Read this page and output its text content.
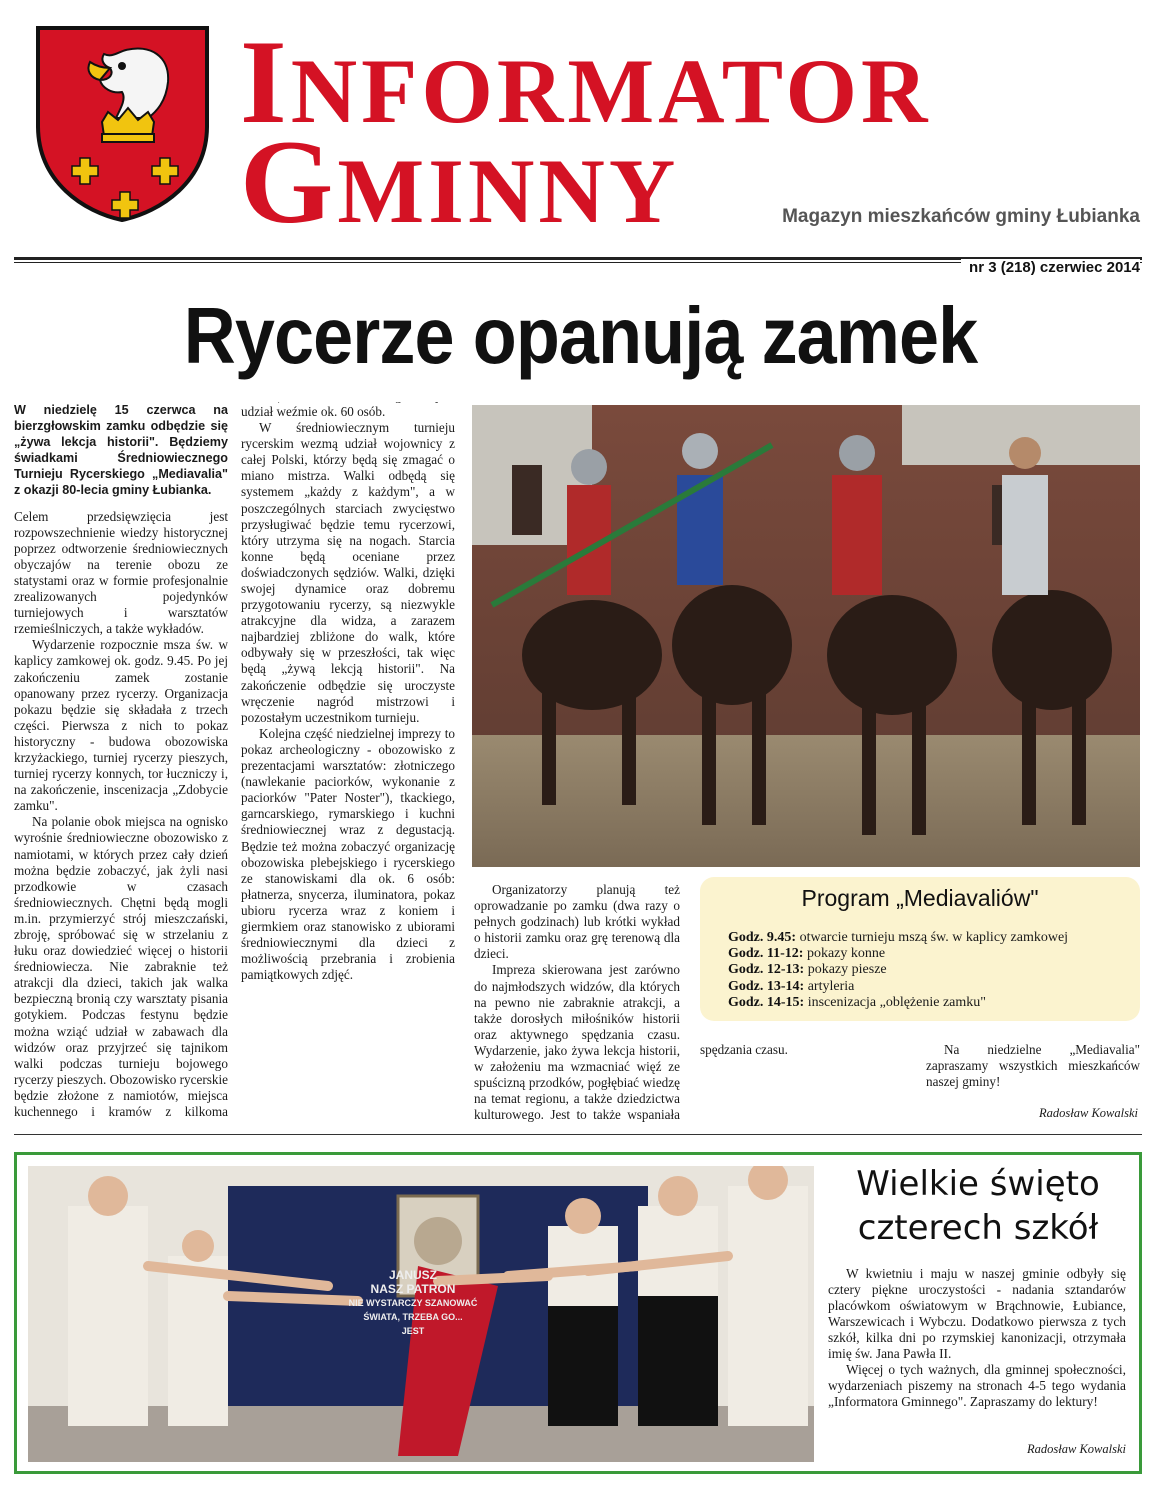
INFORMATOR
GMINNY	Magazyn mieszkańców gminy Łubianka
nr 3 (218) czerwiec 2014
Rycerze opanują zamek
W niedzielę 15 czerwca na bierzgłowskim zamku odbędzie się „żywa lekcja historii". Będziemy świadkami Średniowiecznego Turnieju Rycerskiego „Mediavalia" z okazji 80-lecia gminy Łubianka.

Celem przedsięwzięcia jest rozpowszechnienie wiedzy historycznej poprzez odtworzenie średniowiecznych obyczajów na terenie obozu ze statystami oraz w formie profesjonalnie zrealizowanych pojedynków turniejowych i warsztatów rzemieślniczych, a także wykładów.

Wydarzenie rozpocznie msza św. w kaplicy zamkowej ok. godz. 9.45. Po jej zakończeniu zamek zostanie opanowany przez rycerzy. Organizacja pokazu będzie się składała z trzech części. Pierwsza z nich to pokaz historyczny - budowa obozowiska krzyżackiego, turniej rycerzy pieszych, turniej rycerzy konnych, tor łuczniczy i, na zakończenie, inscenizacja „Zdobycie zamku".

Na polanie obok miejsca na ognisko wyrośnie średniowieczne obozowisko z namiotami, w których przez cały dzień można będzie zobaczyć, jak żyli nasi przodkowie w czasach średniowiecznych. Chętni będą mogli m.in. przymierzyć strój mieszczański, zbroję, spróbować się w strzelaniu z łuku oraz dowiedzieć więcej o historii średniowiecza. Nie zabraknie też atrakcji dla dzieci, takich jak walka bezpieczną bronią czy warsztaty pisania gotykiem. Podczas festynu będzie można wziąć udział w zabawach dla widzów oraz przyjrzeć się tajnikom walki podczas turnieju bojowego rycerzy pieszych. Obozowisko rycerskie będzie złożone z namiotów, miejsca kuchennego i kramów z kilkoma

udział weźmie ok. 60 osób.

W średniowiecznym turnieju rycerskim wezmą udział wojownicy z całej Polski, którzy będą się zmagać o miano mistrza. Walki odbędą się systemem „każdy z każdym", a w poszczególnych starciach zwycięstwo przysługiwać będzie temu rycerzowi, który utrzyma się na nogach. Starcia konne będą oceniane przez doświadczonych sędziów. Walki, dzięki swojej dynamice oraz dobremu przygotowaniu rycerzy, są niezwykle atrakcyjne dla widza, a zarazem najbardziej zbliżone do walk, które odbywały się w przeszłości, tak więc będą „żywą lekcją historii". Na zakończenie odbędzie się uroczyste wręczenie nagród mistrzowi i pozostałym uczestnikom turnieju.

Kolejna część niedzielnej imprezy to pokaz archeologiczny - obozowisko z prezentacjami warsztatów: złotniczego (nawlekanie paciorków, wykonanie z paciorków "Pater Noster"), tkackiego, garncarskiego, rymarskiego i kuchni średniowiecznej wraz z degustacją. Będzie też można zobaczyć organizację obozowiska plebejskiego i rycerskiego ze stanowiskami dla ok. 6 osób: płatnerza, snycerza, iluminatora, pokaz ubioru rycerza wraz z koniem i giermkiem oraz stanowisko z ubiorami średniowiecznymi dla dzieci z możliwością przebrania i zrobienia pamiątkowych zdjęć.

Organizatorzy planują też oprowadzanie po zamku (dwa razy o pełnych godzinach) lub krótki wykład o historii zamku oraz grę terenową dla dzieci.

Impreza skierowana jest zarówno do najmłodszych widzów, dla których na pewno nie zabraknie atrakcji, a także dorosłych miłośników historii oraz aktywnego spędzania czasu. Wydarzenie, jako żywa lekcja historii, w założeniu ma wzmacniać więź ze spuścizną przodków, pogłębiać wiedzę na temat regionu, a także dziedzictwa kulturowego. Jest to także wspaniała

Program „Mediavaliów"
Godz. 9.45: otwarcie turnieju mszą św. w kaplicy zamkowej
Godz. 11-12: pokazy konne
Godz. 12-13: pokazy piesze
Godz. 13-14: artyleria
Godz. 14-15: inscenizacja „oblężenie zamku"

spędzania czasu.	Na niedzielne „Mediavalia" zapraszamy wszystkich mieszkańców naszej gminy!

Radosław Kowalski
Wielkie święto
czterech szkół

W kwietniu i maju w naszej gminie odbyły się cztery piękne uroczystości - nadania sztandarów placówkom oświatowym w Brąchnowie, Łubiance, Warszewicach i Wybczu. Dodatkowo pierwsza z tych szkół, kilka dni po rzymskiej kanonizacji, otrzymała imię św. Jana Pawła II.

Więcej o tych ważnych, dla gminnej społeczności, wydarzeniach piszemy na stronach 4-5 tego wydania „Informatora Gminnego". Zapraszamy do lektury!

Radosław Kowalski
JANUSZ
NASZ PATRON
NIE WYSTARCZY SZANOWAĆ
ŚWIATA, TRZEBA GO...
JEST
